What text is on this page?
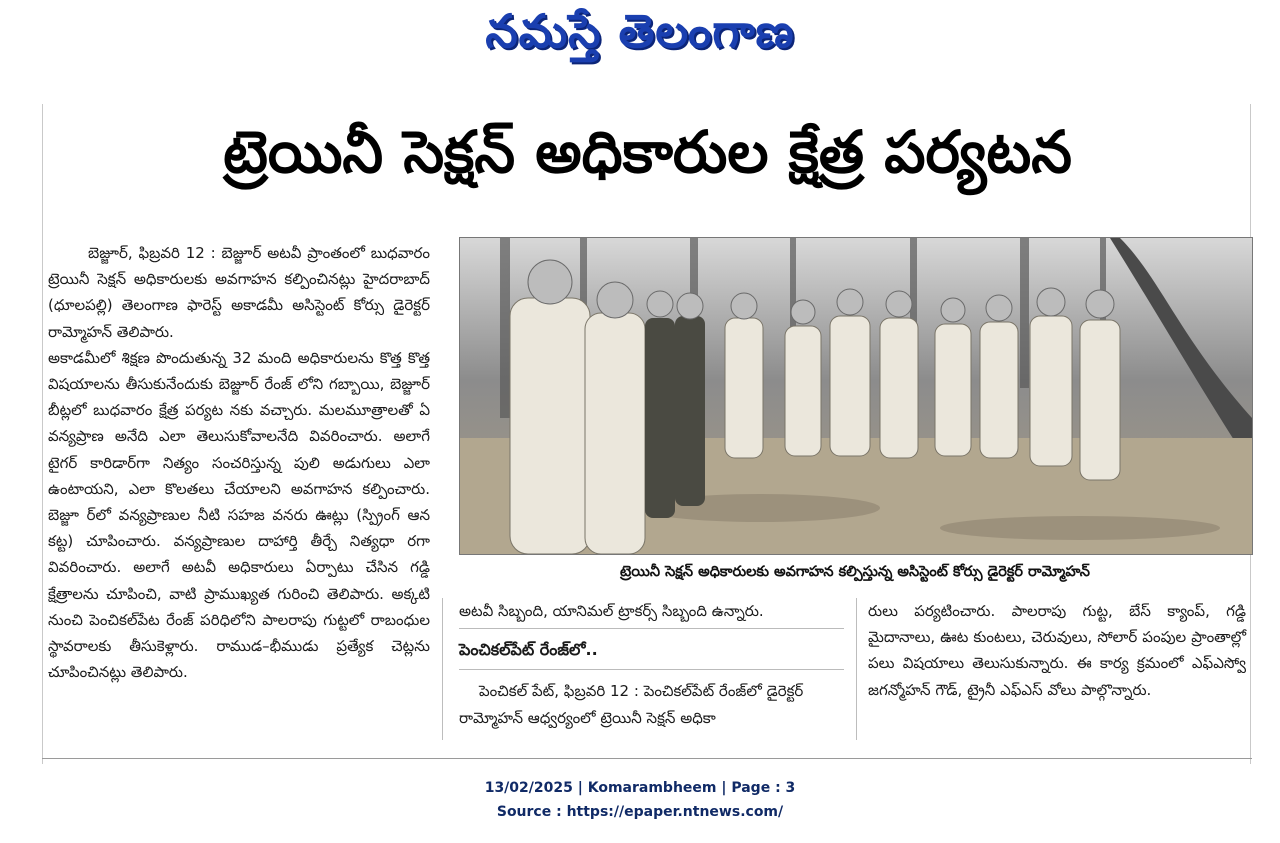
నమస్తే తెలంగాణ
ట్రెయినీ సెక్షన్ అధికారుల క్షేత్ర పర్యటన

బెజ్జూర్, ఫిబ్రవరి 12 : బెజ్జూర్ అటవీ ప్రాంతంలో బుధవారం ట్రెయినీ సెక్షన్ అధికారులకు అవగాహన కల్పించినట్లు హైదరాబాద్ (ధూలపల్లి) తెలంగాణ ఫారెస్ట్ అకాడమీ అసిస్టెంట్ కోర్సు డైరెక్టర్ రామ్మోహన్ తెలిపారు.

అకాడమీలో శిక్షణ పొందుతున్న 32 మంది అధికారులను కొత్త కొత్త విషయాలను తీసుకునేందుకు బెజ్జూర్ రేంజ్ లోని గబ్బాయి, బెజ్జూర్ బీట్లలో బుధవారం క్షేత్ర పర్యట నకు వచ్చారు. మలమూత్రాలతో ఏ వన్యప్రాణ అనేది ఎలా తెలుసుకోవాలనేది వివరించారు. అలాగే టైగర్ కారిడార్‌గా నిత్యం సంచరిస్తున్న పులి అడుగులు ఎలా ఉంటాయని, ఎలా కొలతలు చేయాలని అవగాహన కల్పించారు. బెజ్జూ ర్‌లో వన్యప్రాణుల నీటి సహజ వనరు ఊట్లు (స్ప్రింగ్ ఆన కట్ట) చూపించారు. వన్యప్రాణుల దాహార్తి తీర్చే నిత్యధా రగా వివరించారు. అలాగే అటవీ అధికారులు ఏర్పాటు చేసిన గడ్డి క్షేత్రాలను చూపించి, వాటి ప్రాముఖ్యత గురించి తెలిపారు. అక్కటి నుంచి పెంచికల్‌పేట రేంజ్ పరిధిలోని పాలరాపు గుట్టలో రాబంధుల స్థావరాలకు తీసుకెళ్లారు. రాముడ–భీముడు ప్రత్యేక చెట్లను చూపించినట్లు తెలిపారు.

ట్రెయినీ సెక్షన్ అధికారులకు అవగాహన కల్పిస్తున్న అసిస్టెంట్ కోర్సు డైరెక్టర్ రామ్మోహన్

అటవీ సిబ్బంది, యానిమల్ ట్రాకర్స్ సిబ్బంది ఉన్నారు.

పెంచికల్‌పేట్ రేంజ్‌లో..

పెంచికల్ పేట్, ఫిబ్రవరి 12 : పెంచికల్‌పేట్ రేంజ్‌లో డైరెక్టర్ రామ్మోహన్ ఆధ్వర్యంలో ట్రెయినీ సెక్షన్ అధికా

రులు పర్యటించారు. పాలరాపు గుట్ట, బేస్ క్యాంప్, గడ్డి మైదానాలు, ఊట కుంటలు, చెరువులు, సోలార్ పంపుల ప్రాంతాల్లో పలు విషయాలు తెలుసుకున్నారు. ఈ కార్య క్రమంలో ఎఫ్ఎస్వో జగన్మోహన్ గౌడ్, ట్రైనీ ఎఫ్ఎస్ వోలు పాల్గొన్నారు.

13/02/2025 | Komarambheem | Page : 3
Source : https://epaper.ntnews.com/
